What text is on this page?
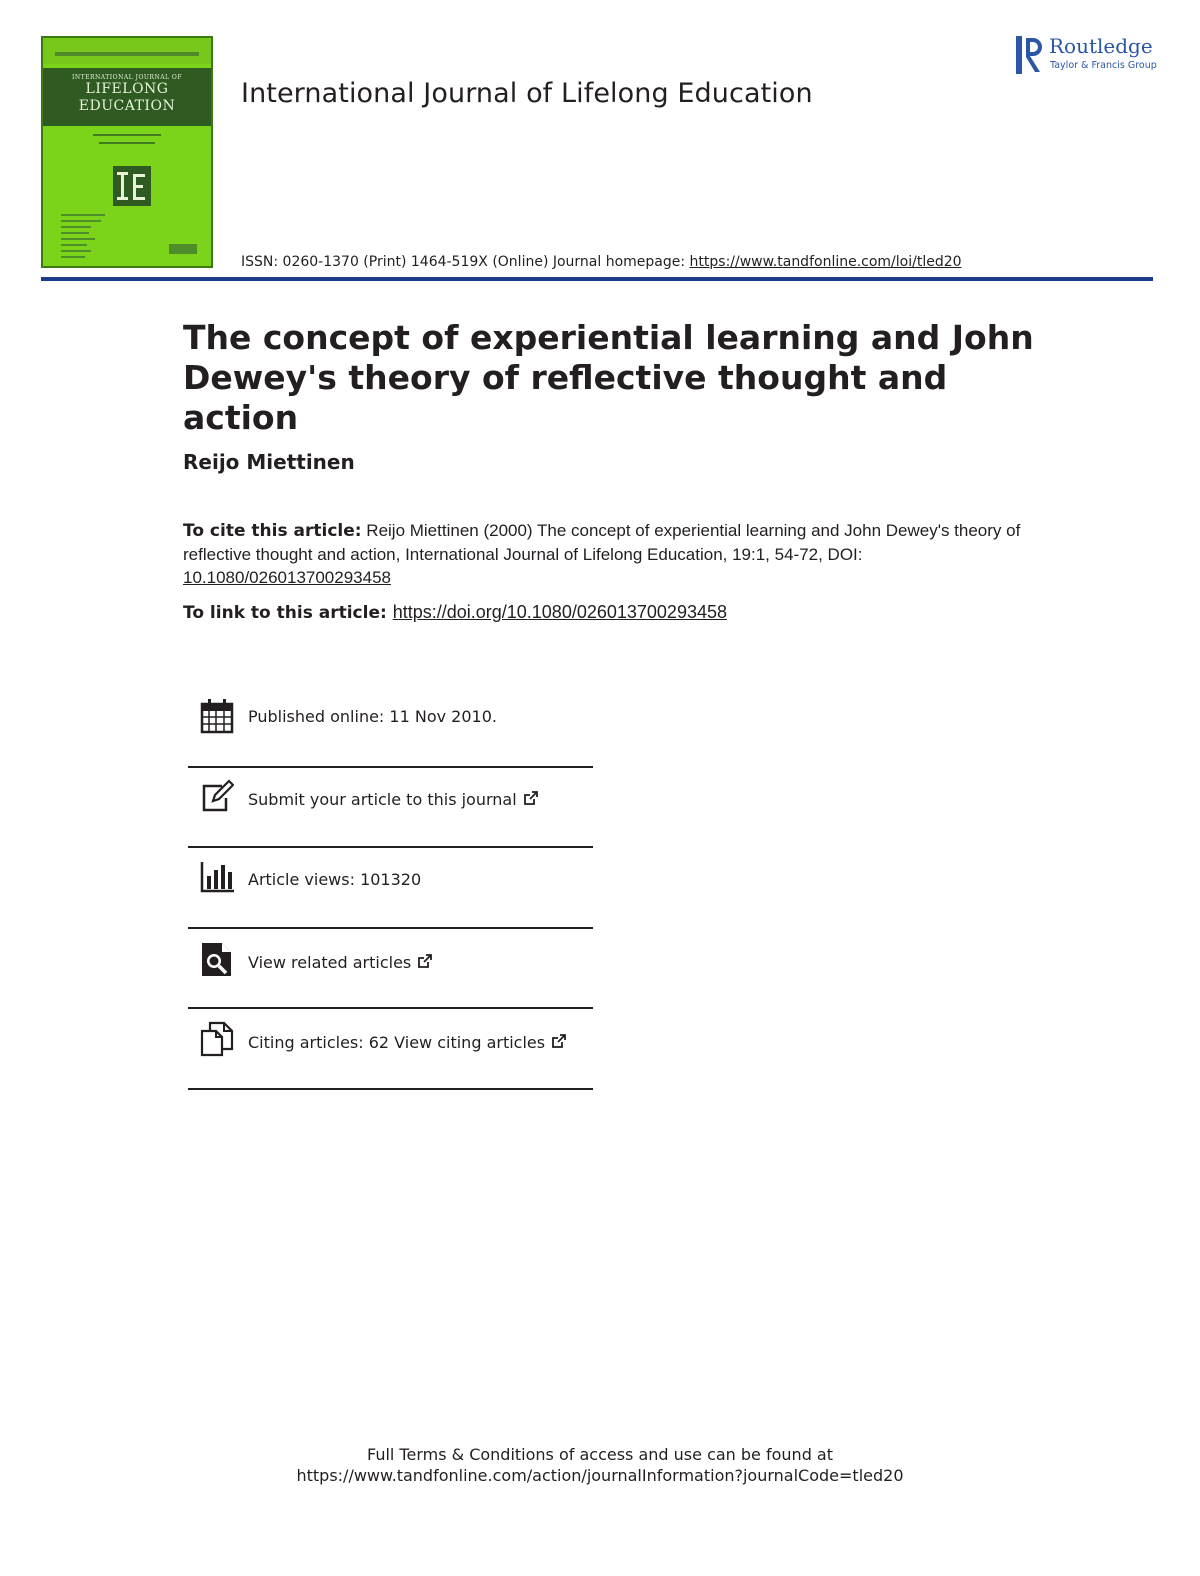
INTERNATIONAL JOURNAL OF
LIFELONG
EDUCATION	International Journal of Lifelong Education
ISSN: 0260-1370 (Print) 1464-519X (Online) Journal homepage: https://www.tandfonline.com/loi/tled20
Routledge
Taylor & Francis Group
The concept of experiential learning and John Dewey's theory of reflective thought and action
Reijo Miettinen
To cite this article: Reijo Miettinen (2000) The concept of experiential learning and John Dewey's theory of reflective thought and action, International Journal of Lifelong Education, 19:1, 54-72, DOI: 10.1080/026013700293458
To link to this article: https://doi.org/10.1080/026013700293458
Published online: 11 Nov 2010.
Submit your article to this journal
Article views: 101320
View related articles
Citing articles: 62 View citing articles
Full Terms & Conditions of access and use can be found at
https://www.tandfonline.com/action/journalInformation?journalCode=tled20
